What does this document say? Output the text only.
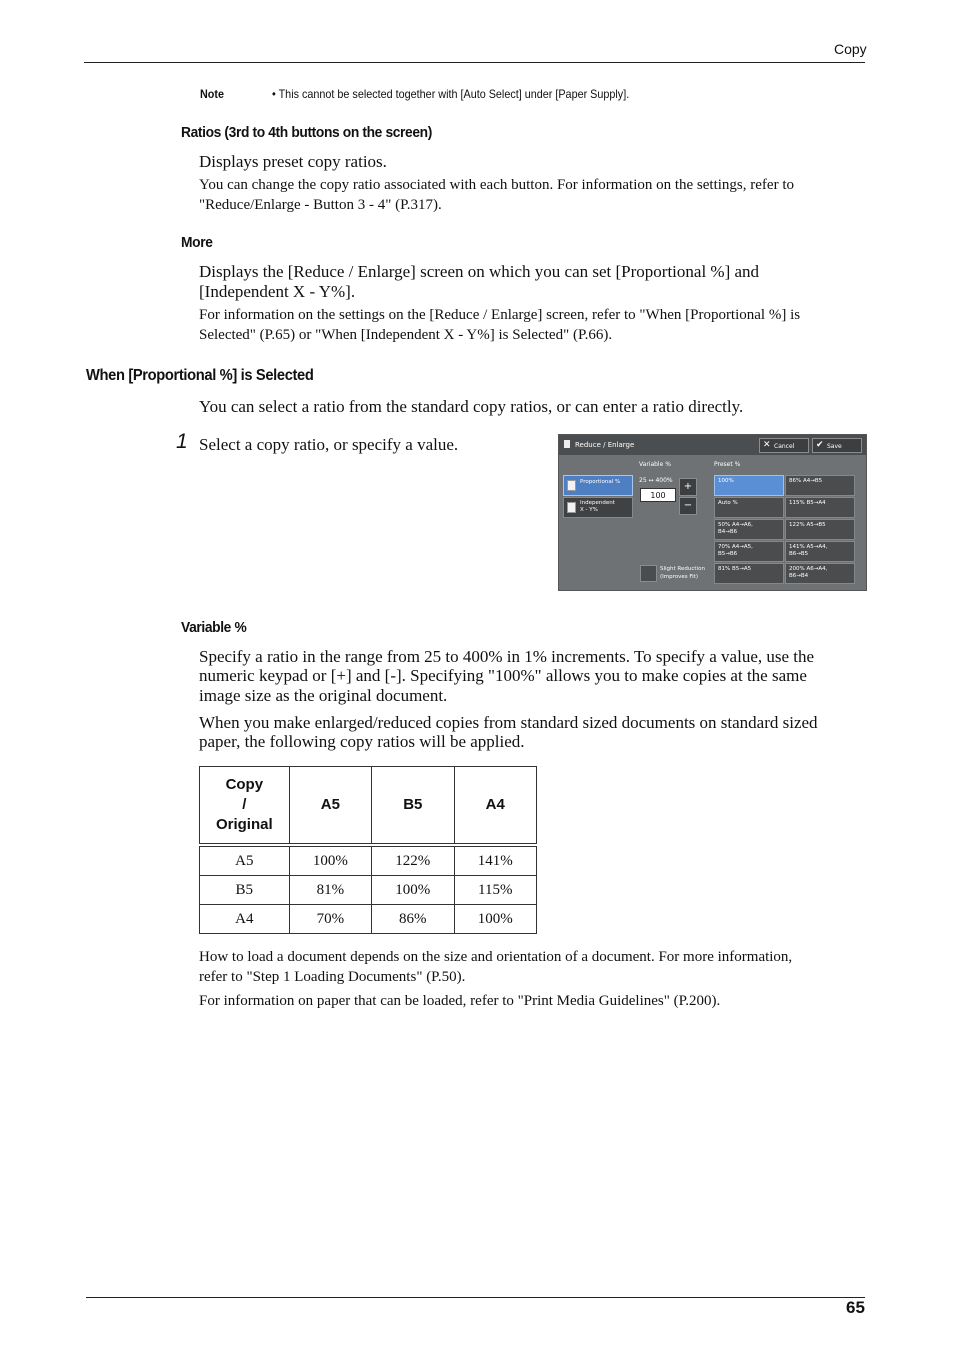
Copy
Note	• This cannot be selected together with [Auto Select] under [Paper Supply].
Ratios (3rd to 4th buttons on the screen)
Displays preset copy ratios.
You can change the copy ratio associated with each button. For information on the settings, refer to
"Reduce/Enlarge - Button 3 - 4" (P.317).
More
Displays the [Reduce / Enlarge] screen on which you can set [Proportional %] and
[Independent X - Y%].
For information on the settings on the [Reduce / Enlarge] screen, refer to "When [Proportional %] is
Selected" (P.65) or "When [Independent X - Y%] is Selected" (P.66).
When [Proportional %] is Selected
You can select a ratio from the standard copy ratios, or can enter a ratio directly.
1 Select a copy ratio, or specify a value.	Reduce / Enlarge	✕ Cancel ✔ Save
Proportional %
Independent
X - Y%
Variable %
25 ↔ 400%
100
+
−
Preset %
100%	86% A4→B5
Auto %	115% B5→A4
50% A4→A6,
B4→B6
122% A5→B5
70% A4→A5,
B5→B6
141% A5→A4,
B6→B5
81% B5→A5	200% A6→A4,
B6→B4
Slight Reduction
(Improves Fit)
Variable %
Specify a ratio in the range from 25 to 400% in 1% increments. To specify a value, use the
numeric keypad or [+] and [-]. Specifying "100%" allows you to make copies at the same
image size as the original document.
When you make enlarged/reduced copies from standard sized documents on standard sized
paper, the following copy ratios will be applied.
Copy
/
Original	A5	B5	A4

A5	100%	122%	141%
B5	81%	100%	115%
A4	70%	86%	100%
How to load a document depends on the size and orientation of a document. For more information,
refer to "Step 1 Loading Documents" (P.50).
For information on paper that can be loaded, refer to "Print Media Guidelines" (P.200).
65
